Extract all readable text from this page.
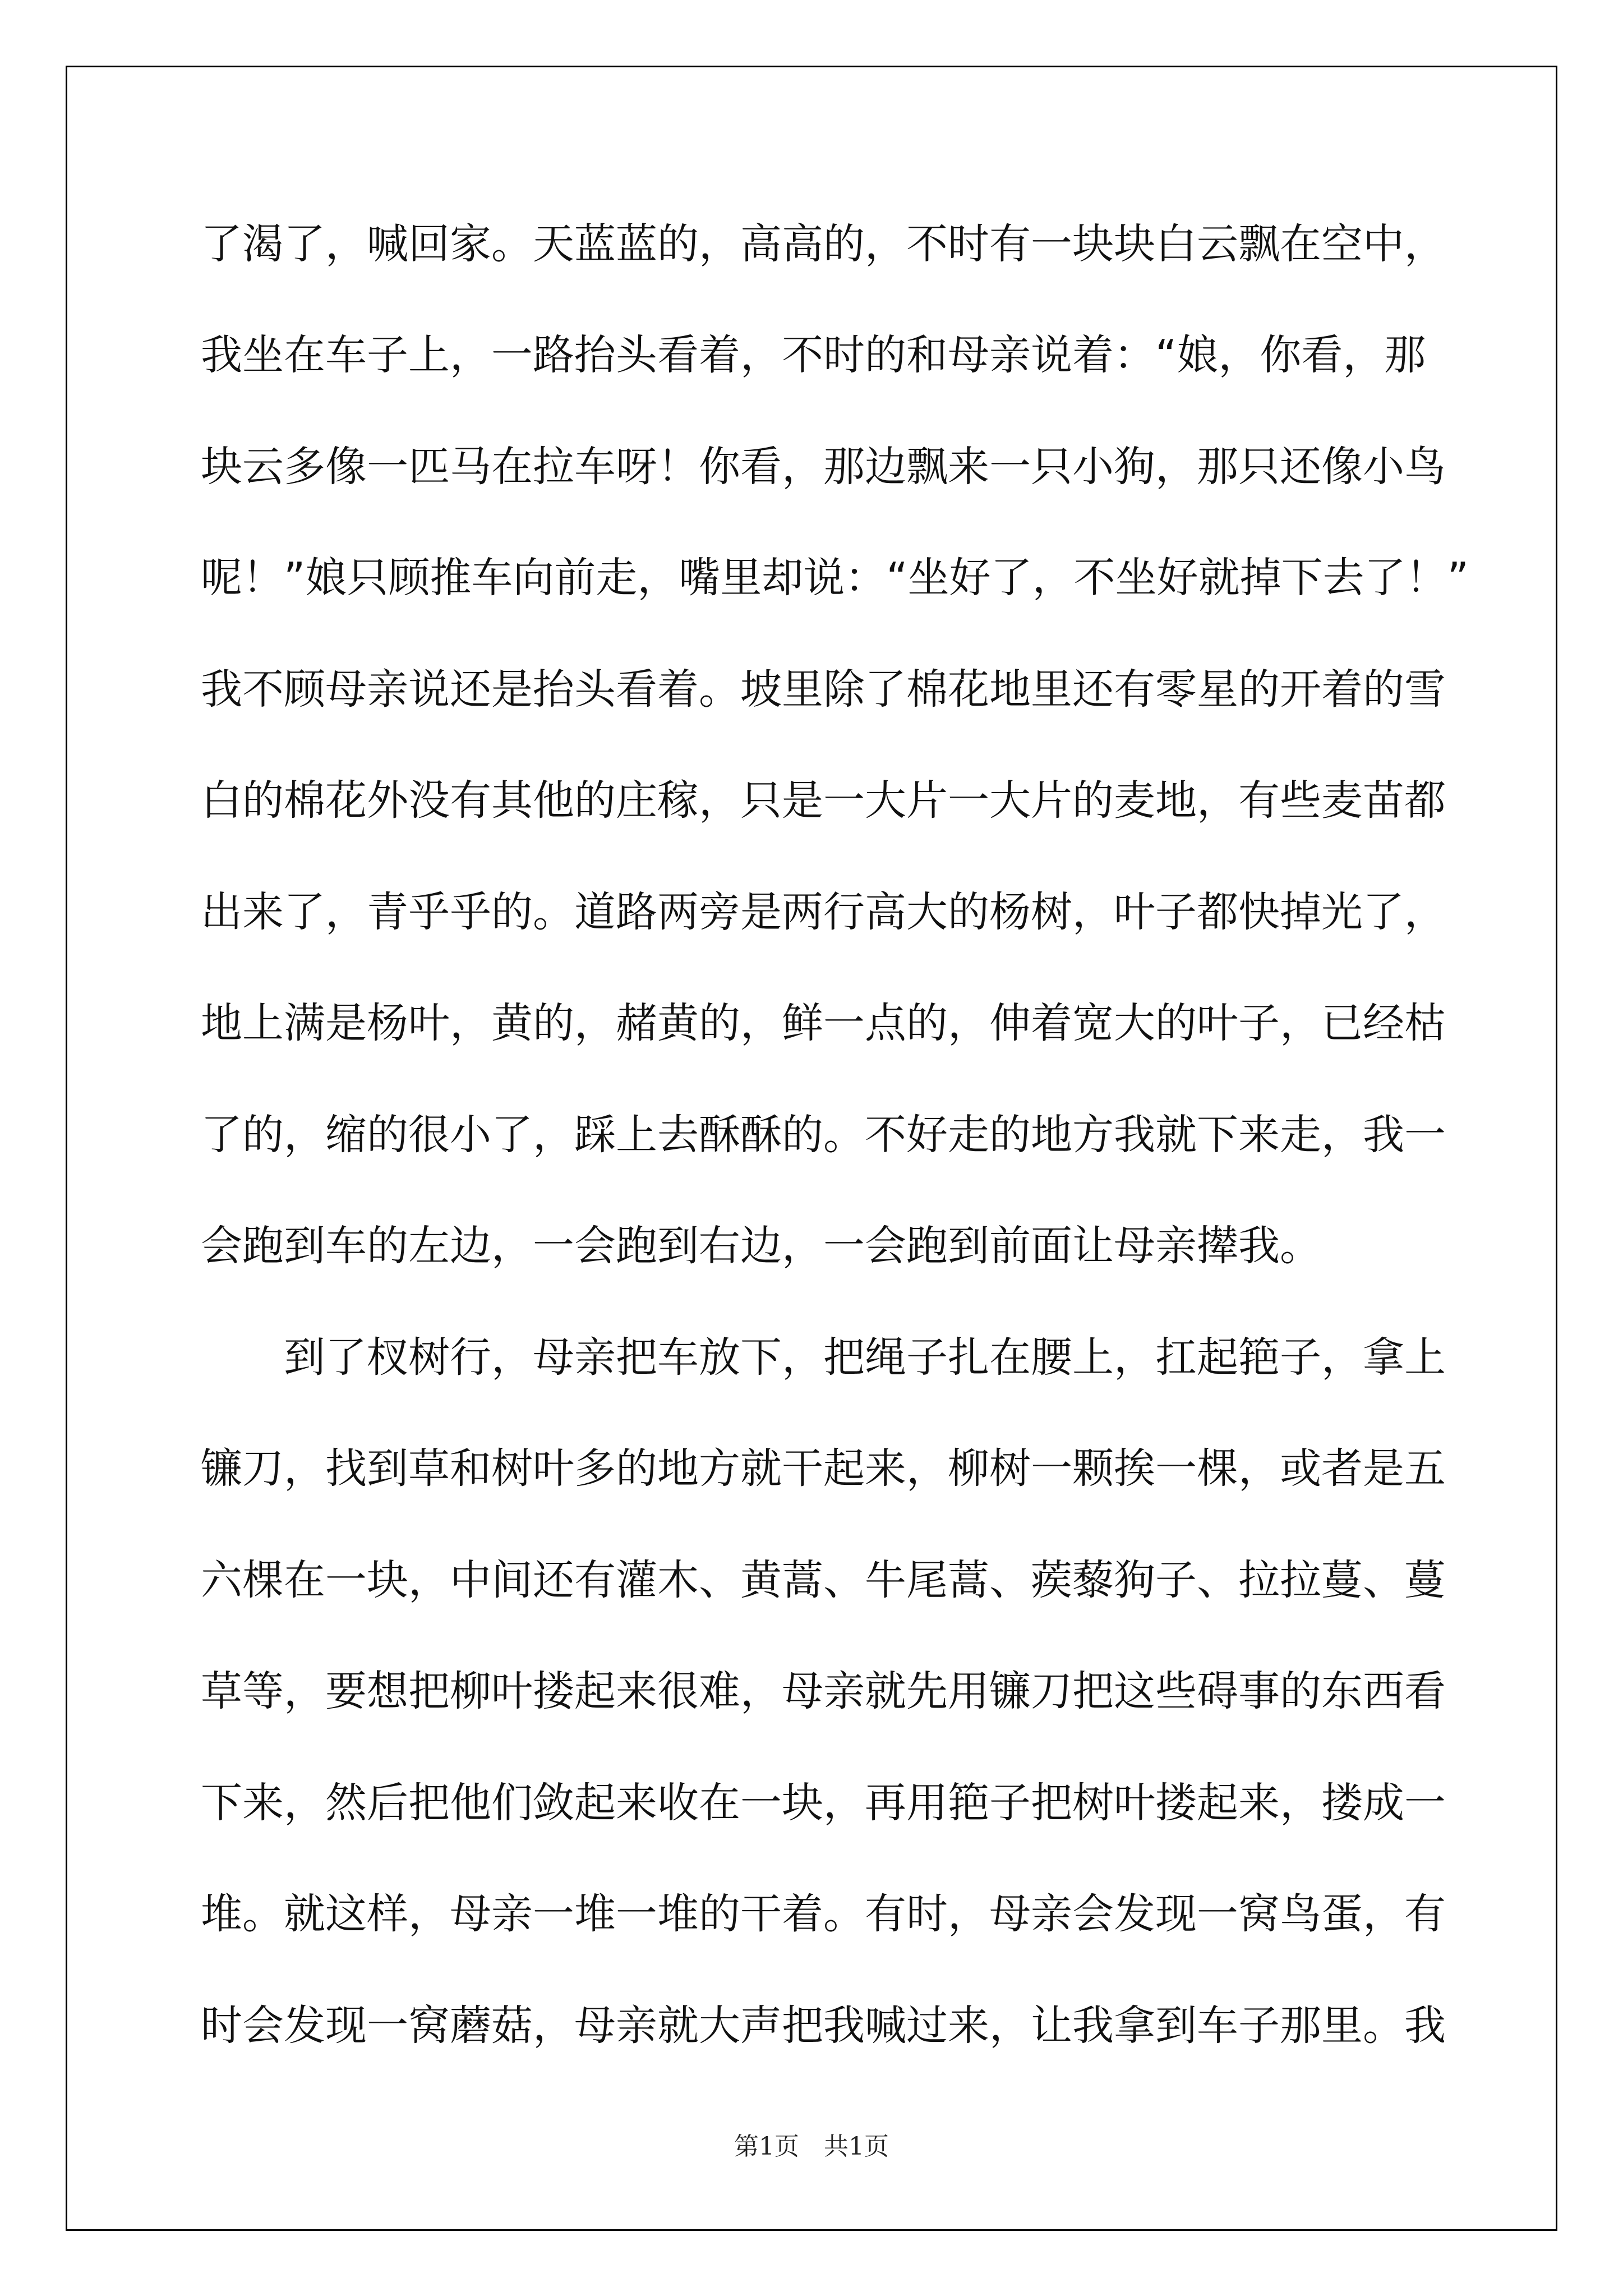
了渴了，喊回家。天蓝蓝的，高高的，不时有一块块白云飘在空中，
我坐在车子上，一路抬头看着，不时的和母亲说着：“娘，你看，那
块云多像一匹马在拉车呀！你看，那边飘来一只小狗，那只还像小鸟
呢！”娘只顾推车向前走，嘴里却说：“坐好了，不坐好就掉下去了！”
我不顾母亲说还是抬头看着。坡里除了棉花地里还有零星的开着的雪
白的棉花外没有其他的庄稼，只是一大片一大片的麦地，有些麦苗都
出来了，青乎乎的。道路两旁是两行高大的杨树，叶子都快掉光了，
地上满是杨叶，黄的，赭黄的，鲜一点的，伸着宽大的叶子，已经枯
了的，缩的很小了，踩上去酥酥的。不好走的地方我就下来走，我一
会跑到车的左边，一会跑到右边，一会跑到前面让母亲撵我。
　　到了杈树行，母亲把车放下，把绳子扎在腰上，扛起筢子，拿上
镰刀，找到草和树叶多的地方就干起来，柳树一颗挨一棵，或者是五
六棵在一块，中间还有灌木、黄蒿、牛尾蒿、蒺藜狗子、拉拉蔓、蔓
草等，要想把柳叶搂起来很难，母亲就先用镰刀把这些碍事的东西看
下来，然后把他们敛起来收在一块，再用筢子把树叶搂起来，搂成一
堆。就这样，母亲一堆一堆的干着。有时，母亲会发现一窝鸟蛋，有
时会发现一窝蘑菇，母亲就大声把我喊过来，让我拿到车子那里。我
第1页　共1页
